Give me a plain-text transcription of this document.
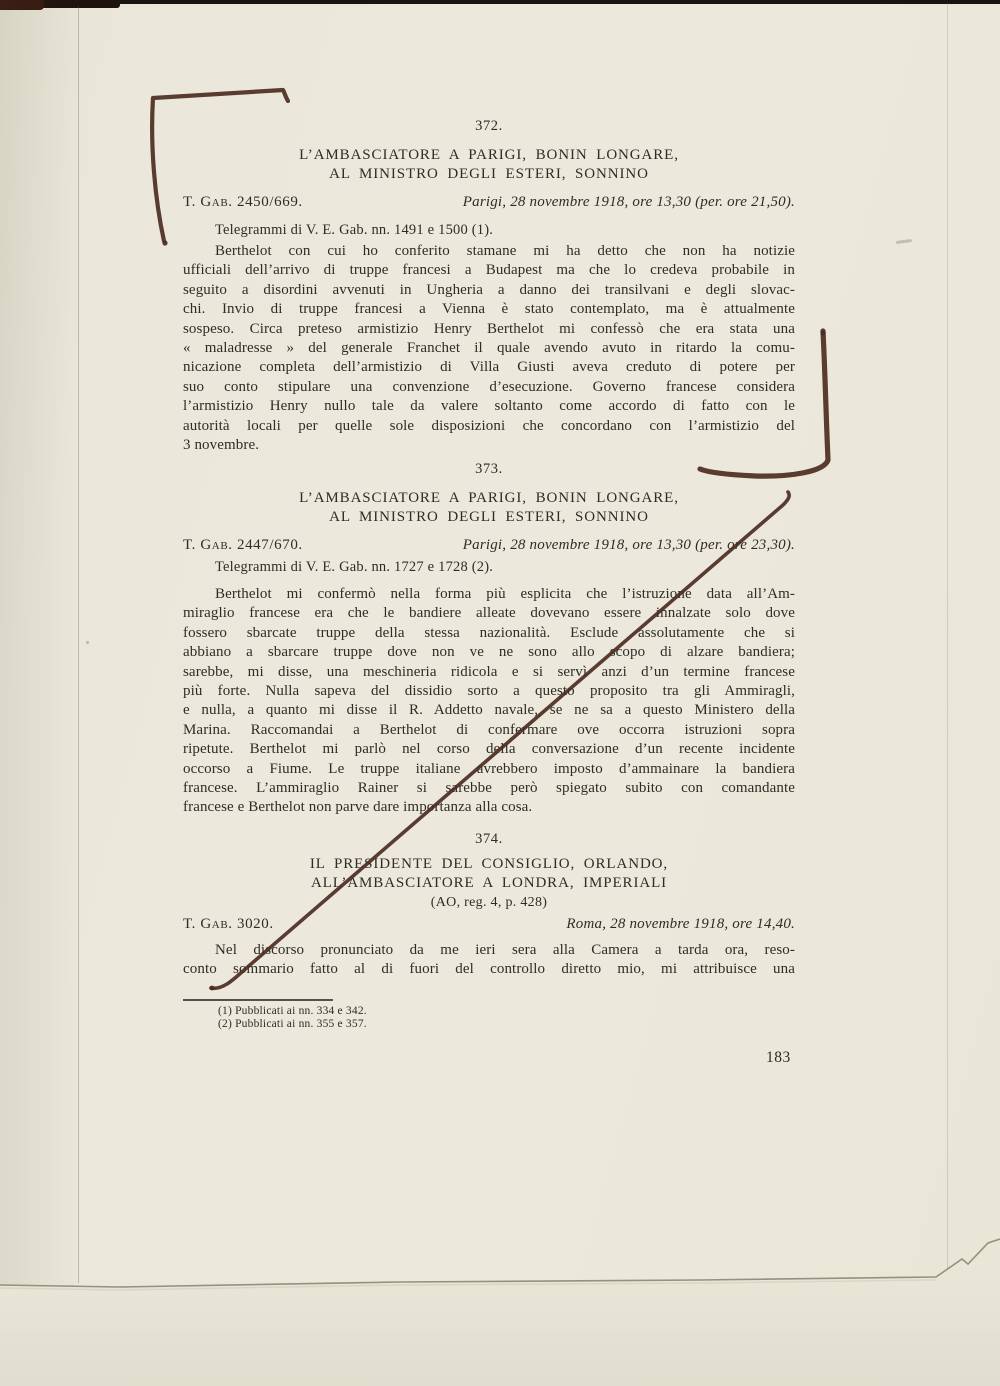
372.
L’AMBASCIATORE A PARIGI, BONIN LONGARE,
AL MINISTRO DEGLI ESTERI, SONNINO
T. Gab. 2450/669.	Parigi, 28 novembre 1918, ore 13,30 (per. ore 21,50).
Telegrammi di V. E. Gab. nn. 1491 e 1500 (1).
Berthelot con cui ho conferito stamane mi ha detto che non ha notizie
ufficiali dell’arrivo di truppe francesi a Budapest ma che lo credeva probabile in
seguito a disordini avvenuti in Ungheria a danno dei transilvani e degli slovac-
chi. Invio di truppe francesi a Vienna è stato contemplato, ma è attualmente
sospeso. Circa preteso armistizio Henry Berthelot mi confessò che era stata una
« maladresse » del generale Franchet il quale avendo avuto in ritardo la comu-
nicazione completa dell’armistizio di Villa Giusti aveva creduto di potere per
suo conto stipulare una convenzione d’esecuzione. Governo francese considera
l’armistizio Henry nullo tale da valere soltanto come accordo di fatto con le
autorità locali per quelle sole disposizioni che concordano con l’armistizio del
3 novembre.
373.
L’AMBASCIATORE A PARIGI, BONIN LONGARE,
AL MINISTRO DEGLI ESTERI, SONNINO
T. Gab. 2447/670.	Parigi, 28 novembre 1918, ore 13,30 (per. ore 23,30).
Telegrammi di V. E. Gab. nn. 1727 e 1728 (2).
Berthelot mi confermò nella forma più esplicita che l’istruzione data all’Am-
miraglio francese era che le bandiere alleate dovevano essere innalzate solo dove
fossero sbarcate truppe della stessa nazionalità. Esclude assolutamente che si
abbiano a sbarcare truppe dove non ve ne sono allo scopo di alzare bandiera;
sarebbe, mi disse, una meschineria ridicola e si servì anzi d’un termine francese
più forte. Nulla sapeva del dissidio sorto a questo proposito tra gli Ammiragli,
e nulla, a quanto mi disse il R. Addetto navale, se ne sa a questo Ministero della
Marina. Raccomandai a Berthelot di confermare ove occorra istruzioni sopra
ripetute. Berthelot mi parlò nel corso della conversazione d’un recente incidente
occorso a Fiume. Le truppe italiane avrebbero imposto d’ammainare la bandiera
francese. L’ammiraglio Rainer si sarebbe però spiegato subito con comandante
francese e Berthelot non parve dare importanza alla cosa.
374.
IL PRESIDENTE DEL CONSIGLIO, ORLANDO,
ALL’AMBASCIATORE A LONDRA, IMPERIALI
(AO, reg. 4, p. 428)
T. Gab. 3020.	Roma, 28 novembre 1918, ore 14,40.
Nel discorso pronunciato da me ieri sera alla Camera a tarda ora, reso-
conto sommario fatto al di fuori del controllo diretto mio, mi attribuisce una
(1) Pubblicati ai nn. 334 e 342.
(2) Pubblicati ai nn. 355 e 357.
183
